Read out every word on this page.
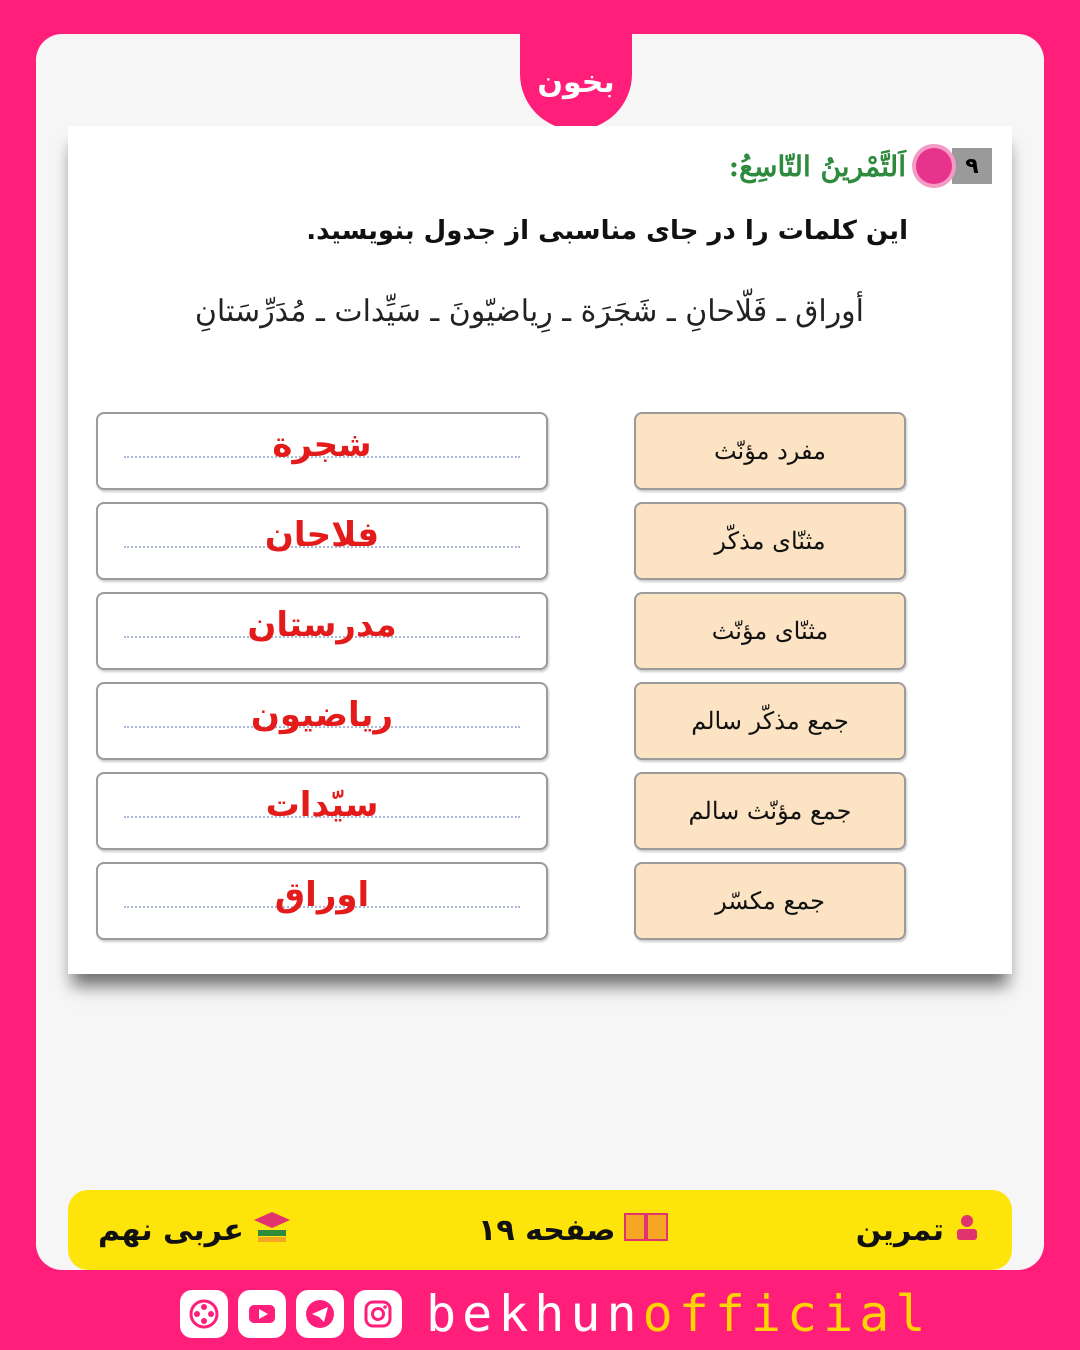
بخون
۹
اَلتَّمْرینُ التّاسِعُ:
این کلمات را در جای مناسبی از جدول بنویسید.
أوراق ـ فَلّاحانِ ـ شَجَرَة ـ رِیاضیّونَ ـ سَیِّدات ـ مُدَرِّسَتانِ
شجرة	مفرد مؤنّث
فلاحان	مثنّای مذکّر
مدرستان	مثنّای مؤنّث
ریاضیون	جمع مذکّر سالم
سیّدات	جمع مؤنّث سالم
اوراق	جمع مکسّر
تمرین
صفحه ۱۹
عربی نهم
bekhunofficial
